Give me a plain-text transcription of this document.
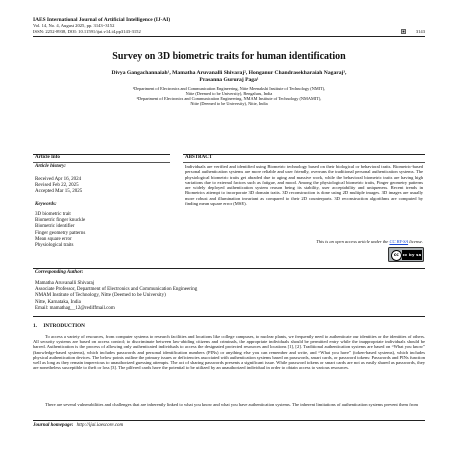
IAES International Journal of Artificial Intelligence (IJ-AI)
Vol. 14, No. 4, August 2025, pp. 3143~3152
ISSN: 2252-8938, DOI: 10.11591/ijai.v14.i4.pp3143-3152	3143
Survey on 3D biometric traits for human identification
Divya Gangachannaiah¹, Mamatha Aruvanalli Shivaraj², Honganur Chandrasekharaiah Nagaraj³,
Prasanna Gururaj Paga¹
¹Department of Electronics and Communication Engineering, Nitte Meenakshi Institute of Technology (NMIT),
Nitte (Deemed to be University), Bengaluru, India
²Department of Electronics and Communication Engineering, NMAM Institute of Technology (NMAMIT),
Nitte (Deemed to be University), Nitte, India
Article Info
Article history:
Received Apr 16, 2024
Revised Feb 22, 2025
Accepted Mar 15, 2025
Keywords:
3D biometric trait
Biometric finger knuckle
Biometric identifier
Finger geometry patterns
Mean square error
Physiological traits
ABSTRACT

Individuals are verified and identified using Biometric technology based on their biological or behavioral traits. Biometric-based personal authentication systems are more reliable and user friendly, overruns the traditional personal authentication systems. The physiological biometric traits get abraded due to aging and massive work, while the behavioral biometric traits are having high variations due to external factors such as fatigue, and mood. Among the physiological biometric traits, Finger geometry patterns are widely deployed authentication system reason being its stability, user acceptability and uniqueness. Recent trends in Biometrics attempt to incorporate 3D domain traits. 3D reconstruction is done using 2D multiple images. 3D images are usually more robust and illumination invariant as compared to their 2D counterparts. 3D reconstruction algorithms are computed by finding mean square error (MSE).

This is an open access article under the CC BY-SA license.
cc	cc by sa
Corresponding Author:
Mamatha Aruvanalli Shivaraj
Associate Professor, Department of Electronics and Communication Engineering
NMAM Institute of Technology, Nitte (Deemed to be University)
Nitte, Karnataka, India
Email: mamathag__12@rediffmail.com
1.     INTRODUCTION

To access a variety of resources, from computer systems to research facilities and locations like college campuses, to nuclear plants, we frequently need to authenticate our identities or the identities of others. All security systems are based on access control; to discriminate between law-abiding citizens and criminals, the appropriate individuals should be permitted entry while the inappropriate individuals should be barred. Authentication is the process of allowing only authenticated individuals to access the designated protected resources and locations [1], [2]. Traditional authentication systems are based on “What you know” (knowledge-based systems), which includes passwords and personal identification numbers (PINs) or anything else you can remember and write, and “What you have” (token-based systems), which includes physical authentication devices. The below points outline the primary issues or deficiencies associated with authentication systems based on passwords, smart cards, or password tokens: Passwords and PINs function well as long as they remain impervious to unauthorized guessing attempts. The act of sharing passwords presents a significant issue. While password tokens or smart cards are not as easily shared as passwords, they are nonetheless susceptible to theft or loss [3]. The pilfered cards have the potential to be utilized by an unauthorized individual in order to obtain access to various resources.

There are several vulnerabilities and challenges that are inherently linked to what you know and what you have authentication systems. The inherent limitations of authentication systems prevent them from

Journal homepage: http://ijai.iaescore.com
